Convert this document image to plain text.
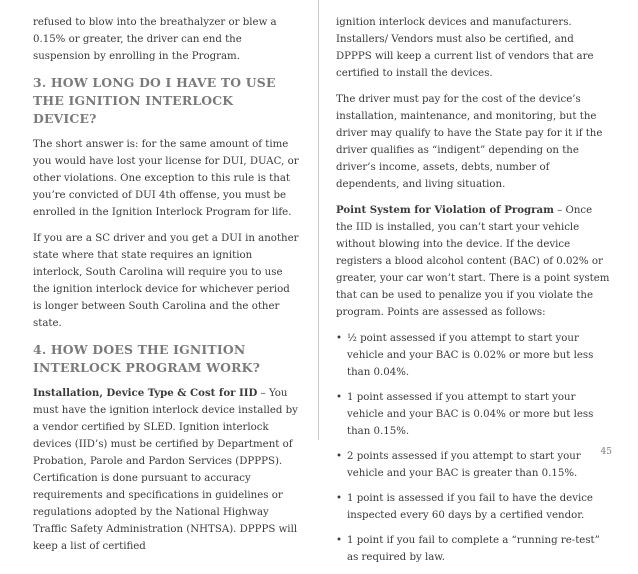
refused to blow into the breathalyzer or blew a 0.15% or greater, the driver can end the suspension by enrolling in the Program.

3. HOW LONG DO I HAVE TO USE THE IGNITION INTERLOCK DEVICE?

The short answer is: for the same amount of time you would have lost your license for DUI, DUAC, or other violations. One exception to this rule is that you’re convicted of DUI 4th offense, you must be enrolled in the Ignition Interlock Program for life.

If you are a SC driver and you get a DUI in another state where that state requires an ignition interlock, South Carolina will require you to use the ignition interlock device for whichever period is longer between South Carolina and the other state.

4. HOW DOES THE IGNITION INTERLOCK PROGRAM WORK?

Installation, Device Type & Cost for IID – You must have the ignition interlock device installed by a vendor certified by SLED. Ignition interlock devices (IID’s) must be certified by Department of Probation, Parole and Pardon Services (DPPPS). Certification is done pursuant to accuracy requirements and specifications in guidelines or regulations adopted by the National Highway Traffic Safety Administration (NHTSA). DPPPS will keep a list of certified

ignition interlock devices and manufacturers. Installers/ Vendors must also be certified, and DPPPS will keep a current list of vendors that are certified to install the devices.

The driver must pay for the cost of the device’s installation, maintenance, and monitoring, but the driver may qualify to have the State pay for it if the driver qualifies as “indigent” depending on the driver’s income, assets, debts, number of dependents, and living situation.

Point System for Violation of Program – Once the IID is installed, you can’t start your vehicle without blowing into the device. If the device registers a blood alcohol content (BAC) of 0.02% or greater, your car won’t start. There is a point system that can be used to penalize you if you violate the program. Points are assessed as follows:

• ½ point assessed if you attempt to start your vehicle and your BAC is 0.02% or more but less than 0.04%.
• 1 point assessed if you attempt to start your vehicle and your BAC is 0.04% or more but less than 0.15%.
• 2 points assessed if you attempt to start your vehicle and your BAC is greater than 0.15%.
• 1 point is assessed if you fail to have the device inspected every 60 days by a certified vendor.
• 1 point if you fail to complete a “running re-test” as required by law.
45
